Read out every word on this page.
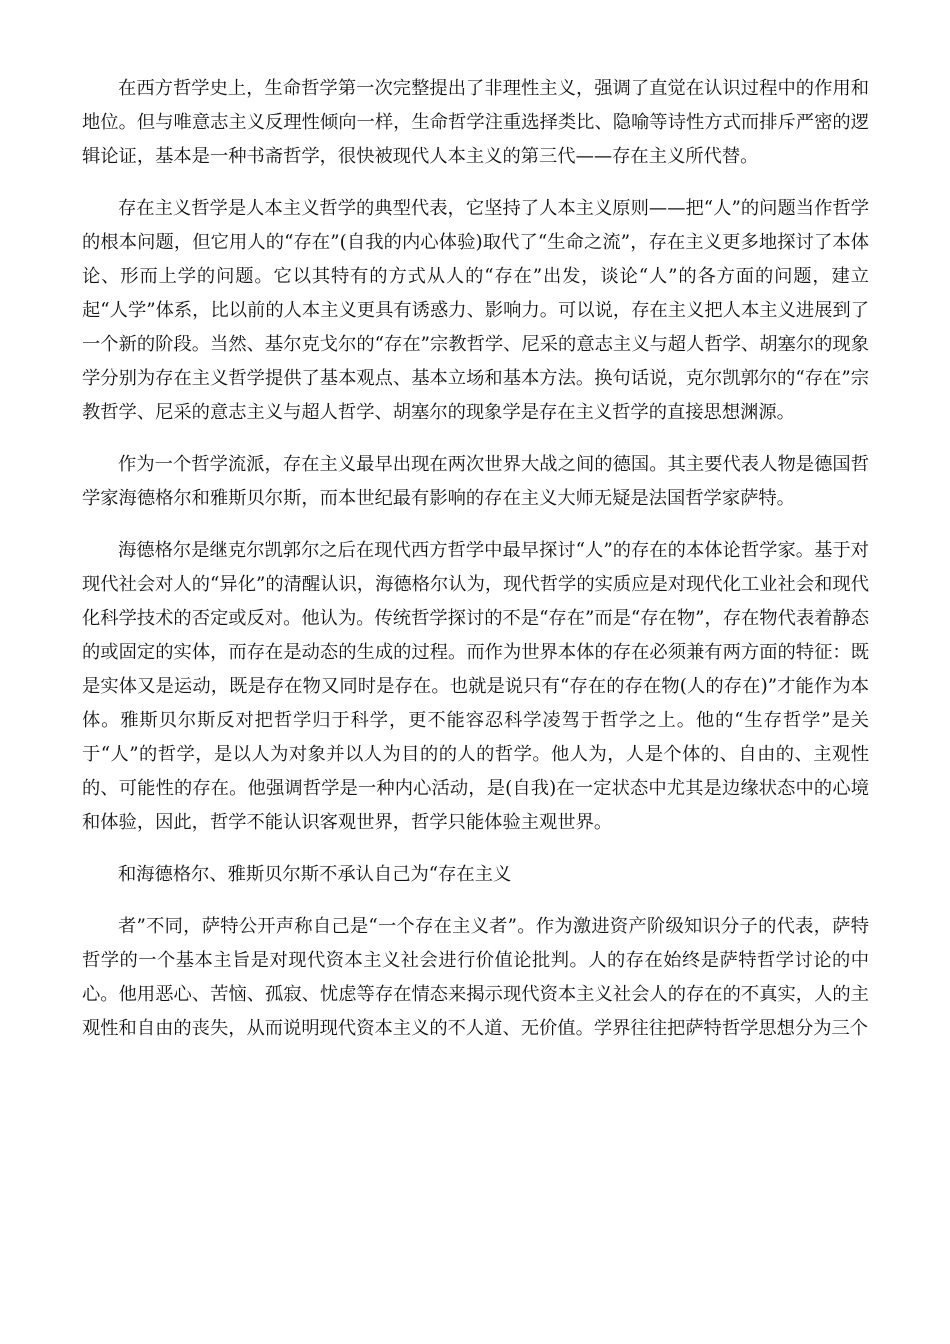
在西方哲学史上，生命哲学第一次完整提出了非理性主义，强调了直觉在认识过程中的作用和地位。但与唯意志主义反理性倾向一样，生命哲学注重选择类比、隐喻等诗性方式而排斥严密的逻辑论证，基本是一种书斋哲学，很快被现代人本主义的第三代——存在主义所代替。

存在主义哲学是人本主义哲学的典型代表，它坚持了人本主义原则——把“人”的问题当作哲学的根本问题，但它用人的“存在”(自我的内心体验)取代了“生命之流”，存在主义更多地探讨了本体论、形而上学的问题。它以其特有的方式从人的“存在”出发，谈论“人”的各方面的问题，建立起“人学”体系，比以前的人本主义更具有诱惑力、影响力。可以说，存在主义把人本主义进展到了一个新的阶段。当然、基尔克戈尔的“存在”宗教哲学、尼采的意志主义与超人哲学、胡塞尔的现象学分别为存在主义哲学提供了基本观点、基本立场和基本方法。换句话说，克尔凯郭尔的“存在”宗教哲学、尼采的意志主义与超人哲学、胡塞尔的现象学是存在主义哲学的直接思想渊源。

作为一个哲学流派，存在主义最早出现在两次世界大战之间的德国。其主要代表人物是德国哲学家海德格尔和雅斯贝尔斯，而本世纪最有影响的存在主义大师无疑是法国哲学家萨特。

海德格尔是继克尔凯郭尔之后在现代西方哲学中最早探讨“人”的存在的本体论哲学家。基于对现代社会对人的“异化”的清醒认识，海德格尔认为，现代哲学的实质应是对现代化工业社会和现代化科学技术的否定或反对。他认为。传统哲学探讨的不是“存在”而是“存在物”，存在物代表着静态的或固定的实体，而存在是动态的生成的过程。而作为世界本体的存在必须兼有两方面的特征：既是实体又是运动，既是存在物又同时是存在。也就是说只有“存在的存在物(人的存在)”才能作为本体。雅斯贝尔斯反对把哲学归于科学，更不能容忍科学凌驾于哲学之上。他的“生存哲学”是关于“人”的哲学，是以人为对象并以人为目的的人的哲学。他人为，人是个体的、自由的、主观性的、可能性的存在。他强调哲学是一种内心活动，是(自我)在一定状态中尤其是边缘状态中的心境和体验，因此，哲学不能认识客观世界，哲学只能体验主观世界。

和海德格尔、雅斯贝尔斯不承认自己为“存在主义

者”不同，萨特公开声称自己是“一个存在主义者”。作为激进资产阶级知识分子的代表，萨特哲学的一个基本主旨是对现代资本主义社会进行价值论批判。人的存在始终是萨特哲学讨论的中心。他用恶心、苦恼、孤寂、忧虑等存在情态来揭示现代资本主义社会人的存在的不真实，人的主观性和自由的丧失，从而说明现代资本主义的不人道、无价值。学界往往把萨特哲学思想分为三个
